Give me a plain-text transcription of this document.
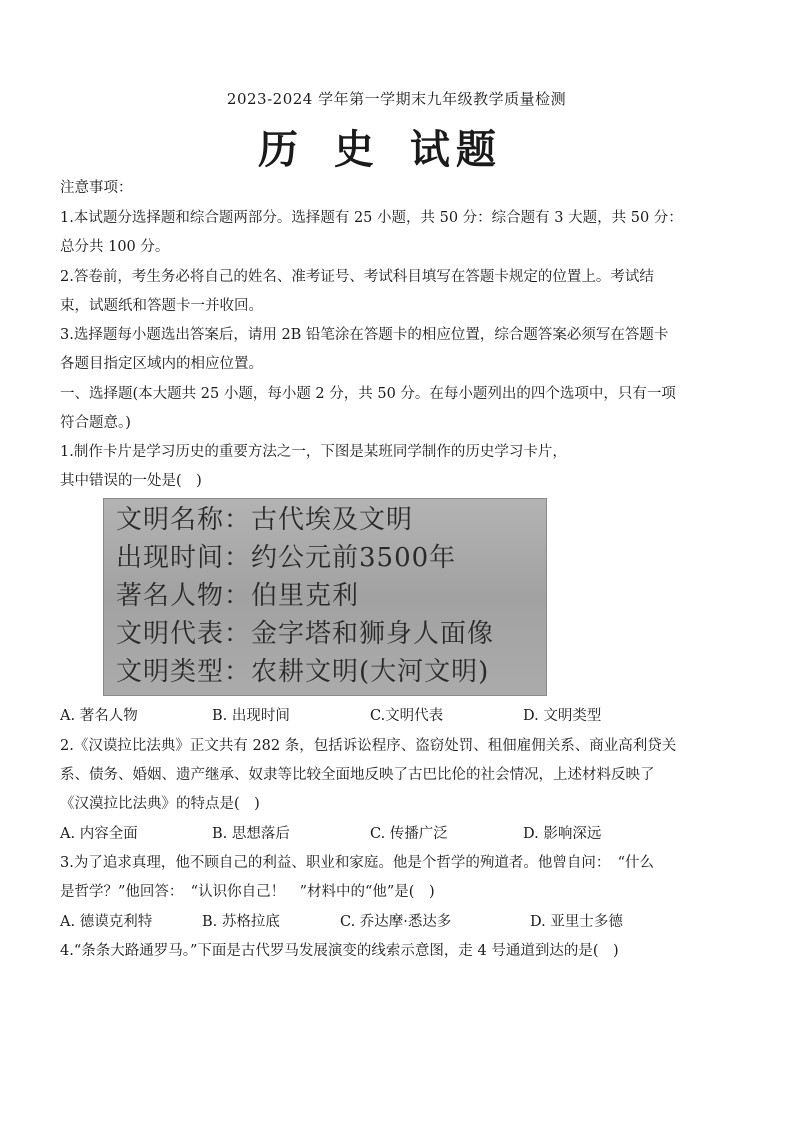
2023-2024 学年第一学期末九年级教学质量检测
历 史 试题
注意事项：
1.本试题分选择题和综合题两部分。选择题有 25 小题，共 50 分：综合题有 3 大题，共 50 分：
总分共 100 分。
2.答卷前，考生务必将自己的姓名、准考证号、考试科目填写在答题卡规定的位置上。考试结
束，试题纸和答题卡一并收回。
3.选择题每小题选出答案后，请用 2B 铅笔涂在答题卡的相应位置，综合题答案必须写在答题卡
各题目指定区域内的相应位置。
一、选择题(本大题共 25 小题，每小题 2 分，共 50 分。在每小题列出的四个选项中，只有一项
符合题意。)
1.制作卡片是学习历史的重要方法之一，下图是某班同学制作的历史学习卡片，
其中错误的一处是(　)
文明名称：古代埃及文明
出现时间：约公元前3500年
著名人物：伯里克利
文明代表：金字塔和狮身人面像
文明类型：农耕文明(大河文明)
A. 著名人物	B. 出现时间	C.文明代表	D. 文明类型
2.《汉谟拉比法典》正文共有 282 条，包括诉讼程序、盗窃处罚、租佃雇佣关系、商业高利贷关
系、债务、婚姻、遗产继承、奴隶等比较全面地反映了古巴比伦的社会情况，上述材料反映了
《汉漠拉比法典》的特点是(　)
A. 内容全面	B. 思想落后	C. 传播广泛	D. 影响深远
3.为了追求真理，他不顾自己的利益、职业和家庭。他是个哲学的殉道者。他曾自问：　“什么
是哲学？”他回答：　“认识你自己！　”材料中的“他”是(　)
A. 德谟克利特	B. 苏格拉底	C. 乔达摩·悉达多	D. 亚里士多德
4.“条条大路通罗马。”下面是古代罗马发展演变的线索示意图，走 4 号通道到达的是(　)
